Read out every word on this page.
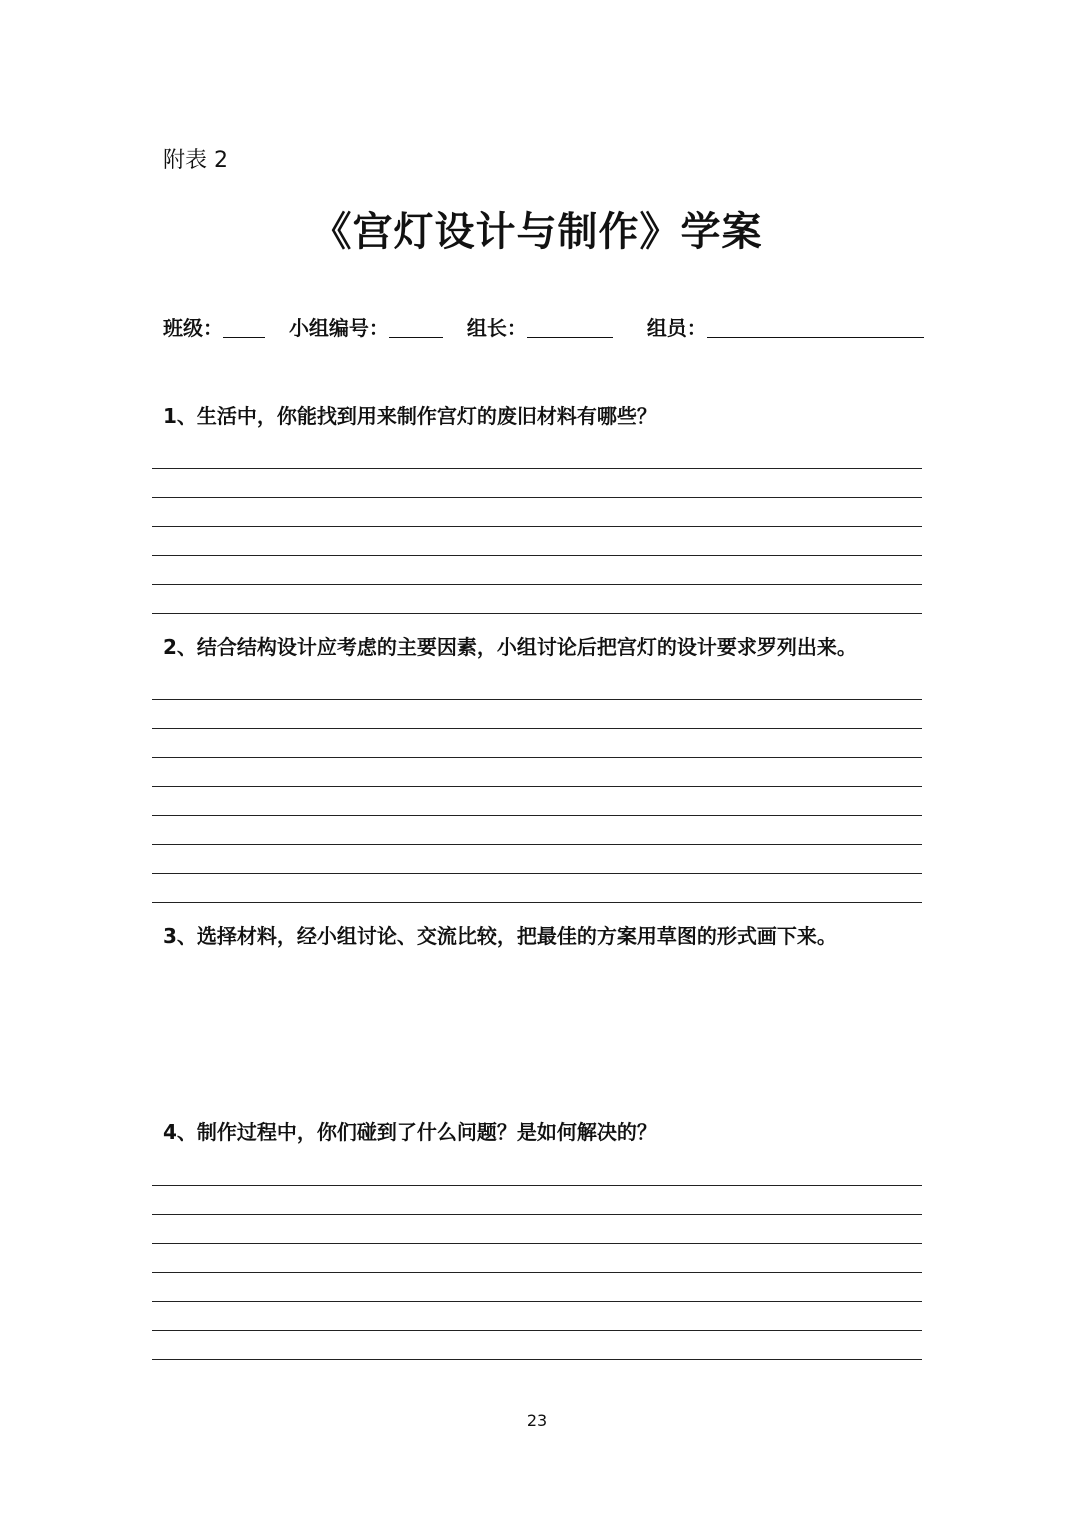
附表 2
《宫灯设计与制作》学案
班级：	小组编号：	组长：	组员：
1、生活中，你能找到用来制作宫灯的废旧材料有哪些？
2、结合结构设计应考虑的主要因素，小组讨论后把宫灯的设计要求罗列出来。
3、选择材料，经小组讨论、交流比较，把最佳的方案用草图的形式画下来。
4、制作过程中，你们碰到了什么问题？是如何解决的？
23
